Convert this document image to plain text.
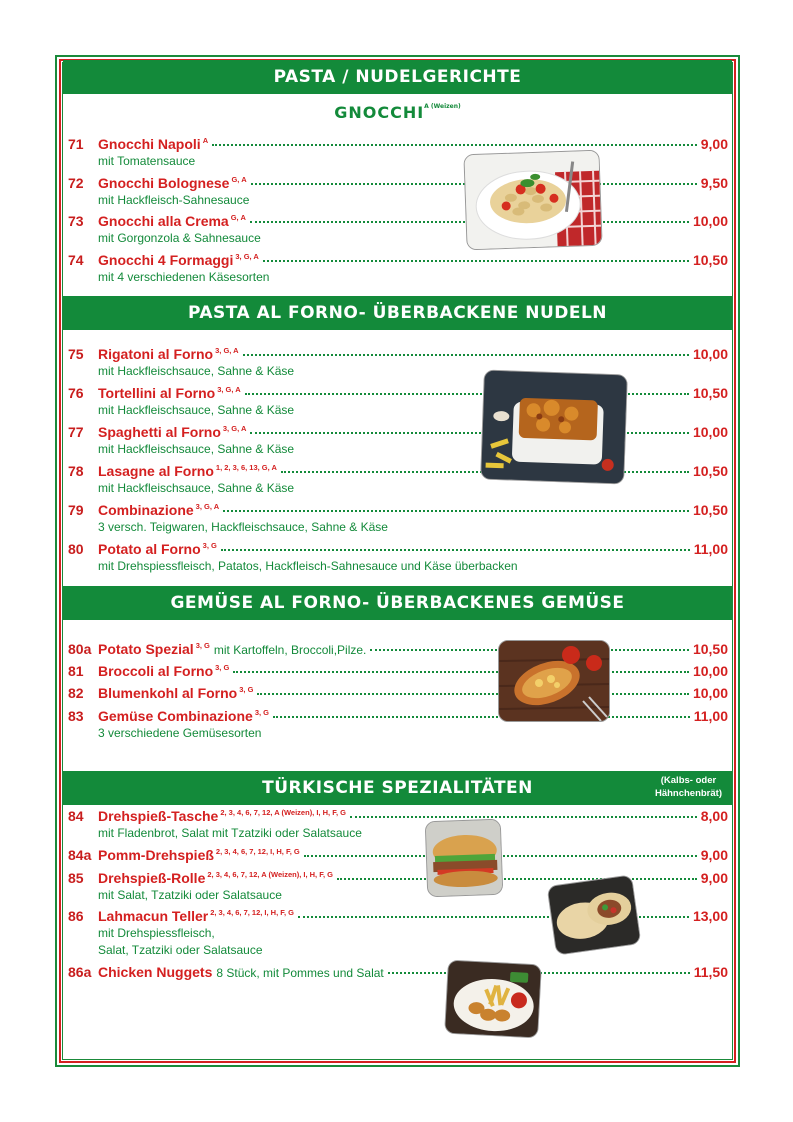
PASTA / NUDELGERICHTE
$GNOCCHI^{A (Weizen)}$
71 Gnocchi Napoli $^A$	9,00
mit Tomatensauce
72 Gnocchi Bolognese $^{G, A}$	9,50
mit Hackfleisch-Sahnesauce
73 Gnocchi alla Crema $^{G, A}$	10,00
mit Gorgonzola & Sahnesauce
74 Gnocchi 4 Formaggi $^{3, G, A}$	10,50
mit 4 verschiedenen Käsesorten
75 Rigatoni al Forno $^{3, G, A}$	10,00
mit Hackfleischsauce, Sahne & Käse
76 Tortellini al Forno $^{3, G, A}$	10,50
mit Hackfleischsauce, Sahne & Käse
77 Spaghetti al Forno $^{3, G, A}$	10,00
mit Hackfleischsauce, Sahne & Käse
78 Lasagne al Forno $^{1, 2, 3, 6, 13, G, A}$	10,50
mit Hackfleischsauce, Sahne & Käse
79 Combinazione $^{3, G, A}$	10,50
3 versch. Teigwaren, Hackfleischsauce, Sahne & Käse
80 Potato al Forno $^{3, G}$	11,00
mit Drehspiessfleisch, Patatos, Hackfleisch-Sahnesauce und Käse überbacken
80a Potato Spezial $^{3, G}$ mit Kartoffeln, Broccoli,Pilze.	10,50
81 Broccoli al Forno $^{3, G}$	10,00
82 Blumenkohl al Forno $^{3, G}$	10,00
83 Gemüse Combinazione $^{3, G}$	11,00
3 verschiedene Gemüsesorten
84 Drehspieß-Tasche $^{2, 3, 4, 6, 7, 12, A (Weizen), I, H, F, G}$	8,00
mit Fladenbrot, Salat mit Tzatziki oder Salatsauce
84a Pomm-Drehspieß $^{2, 3, 4, 6, 7, 12, I, H, F, G}$	9,00
85 Drehspieß-Rolle $^{2, 3, 4, 6, 7, 12, A (Weizen), I, H, F, G}$	9,00
mit Salat, Tzatziki oder Salatsauce
86 Lahmacun Teller $^{2, 3, 4, 6, 7, 12, I, H, F, G}$	13,00
mit Drehspiessfleisch,
Salat, Tzatziki oder Salatsauce
86a Chicken Nuggets 8 Stück, mit Pommes und Salat	11,50
PASTA AL FORNO- ÜBERBACKENE NUDELN
GEMÜSE AL FORNO- ÜBERBACKENES GEMÜSE
TÜRKISCHE SPEZIALITÄTEN	(Kalbs- oder
Hähnchenbrät)
